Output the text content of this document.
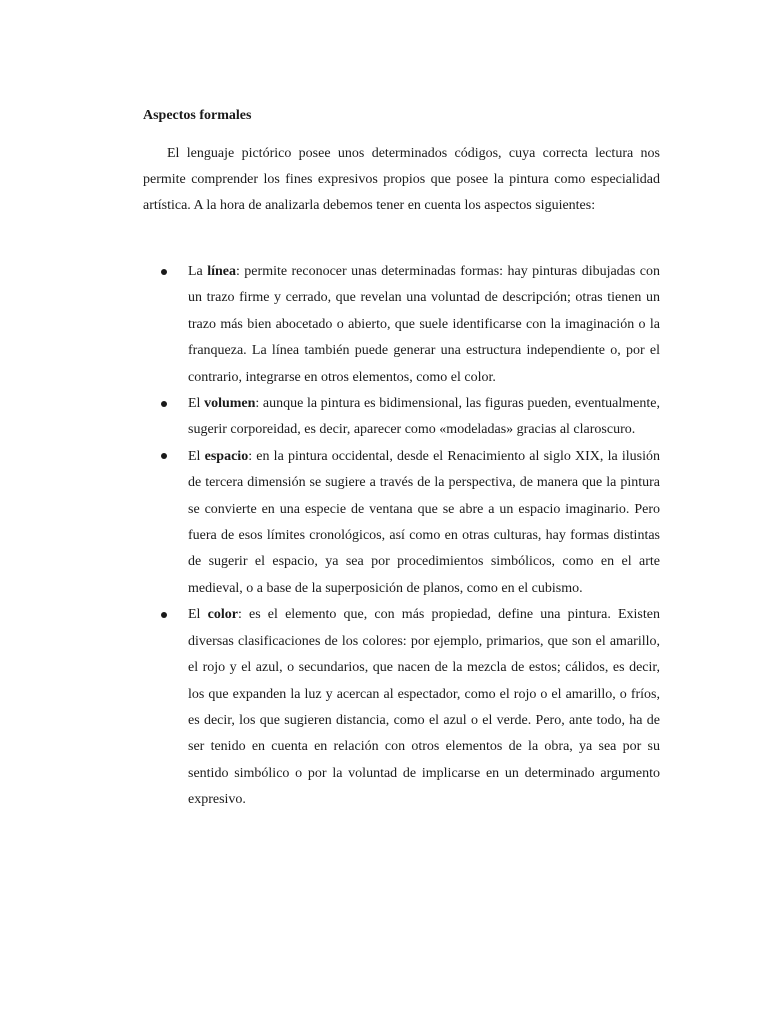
Aspectos formales

El lenguaje pictórico posee unos determinados códigos, cuya correcta lectura nos permite comprender los fines expresivos propios que posee la pintura como especialidad artística. A la hora de analizarla debemos tener en cuenta los aspectos siguientes:

La línea: permite reconocer unas determinadas formas: hay pinturas dibujadas con un trazo firme y cerrado, que revelan una voluntad de descripción; otras tienen un trazo más bien abocetado o abierto, que suele identificarse con la imaginación o la franqueza. La línea también puede generar una estructura independiente o, por el contrario, integrarse en otros elementos, como el color.
El volumen: aunque la pintura es bidimensional, las figuras pueden, eventualmente, sugerir corporeidad, es decir, aparecer como «modeladas» gracias al claroscuro.
El espacio: en la pintura occidental, desde el Renacimiento al siglo XIX, la ilusión de tercera dimensión se sugiere a través de la perspectiva, de manera que la pintura se convierte en una especie de ventana que se abre a un espacio imaginario. Pero fuera de esos límites cronológicos, así como en otras culturas, hay formas distintas de sugerir el espacio, ya sea por procedimientos simbólicos, como en el arte medieval, o a base de la superposición de planos, como en el cubismo.
El color: es el elemento que, con más propiedad, define una pintura. Existen diversas clasificaciones de los colores: por ejemplo, primarios, que son el amarillo, el rojo y el azul, o secundarios, que nacen de la mezcla de estos; cálidos, es decir, los que expanden la luz y acercan al espectador, como el rojo o el amarillo, o fríos, es decir, los que sugieren distancia, como el azul o el verde. Pero, ante todo, ha de ser tenido en cuenta en relación con otros elementos de la obra, ya sea por su sentido simbólico o por la voluntad de implicarse en un determinado argumento expresivo.
